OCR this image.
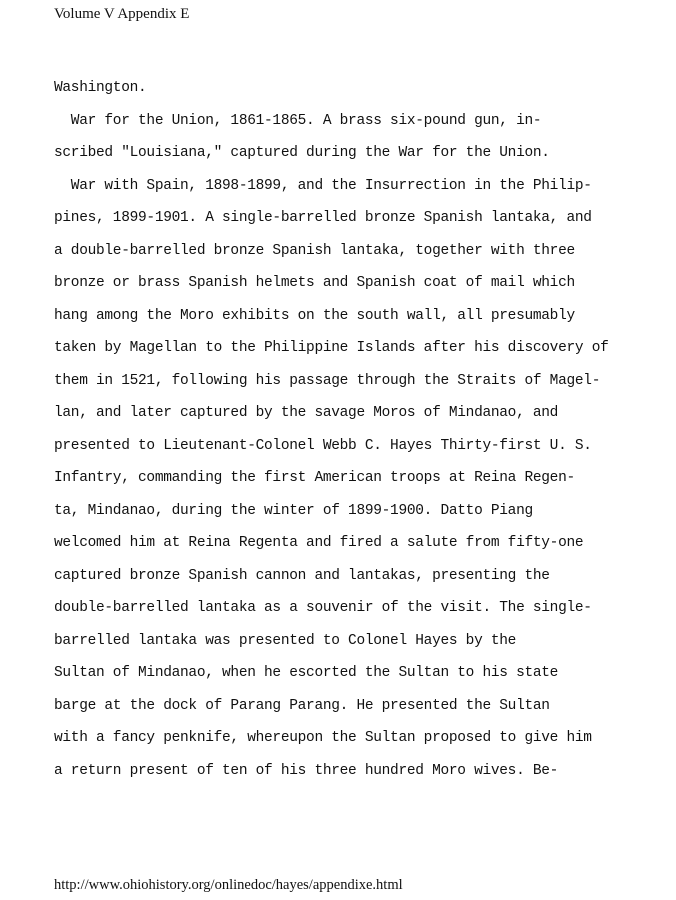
Volume V Appendix E
Washington.
War for the Union, 1861-1865. A brass six-pound gun, in-
scribed "Louisiana," captured during the War for the Union.
War with Spain, 1898-1899, and the Insurrection in the Philip-
pines, 1899-1901. A single-barrelled bronze Spanish lantaka, and
a double-barrelled bronze Spanish lantaka, together with three
bronze or brass Spanish helmets and Spanish coat of mail which
hang among the Moro exhibits on the south wall, all presumably
taken by Magellan to the Philippine Islands after his discovery of
them in 1521, following his passage through the Straits of Magel-
lan, and later captured by the savage Moros of Mindanao, and
presented to Lieutenant-Colonel Webb C. Hayes Thirty-first U. S.
Infantry, commanding the first American troops at Reina Regen-
ta, Mindanao, during the winter of 1899-1900. Datto Piang
welcomed him at Reina Regenta and fired a salute from fifty-one
captured bronze Spanish cannon and lantakas, presenting the
double-barrelled lantaka as a souvenir of the visit. The single-
barrelled lantaka was presented to Colonel Hayes by the
Sultan of Mindanao, when he escorted the Sultan to his state
barge at the dock of Parang Parang. He presented the Sultan
with a fancy penknife, whereupon the Sultan proposed to give him
a return present of ten of his three hundred Moro wives. Be-
http://www.ohiohistory.org/onlinedoc/hayes/appendixe.html
